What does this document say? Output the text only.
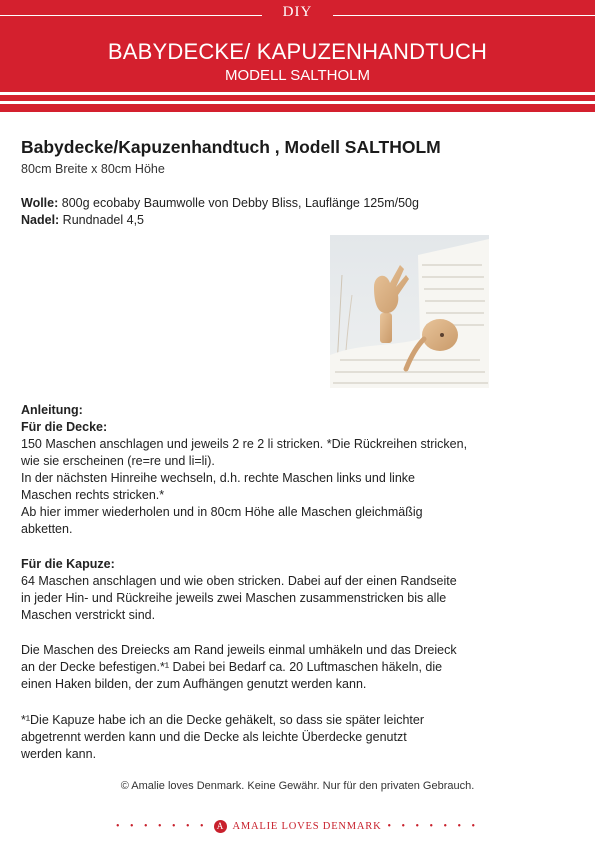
DIY
BABYDECKE/ KAPUZENHANDTUCH
MODELL SALTHOLM
Babydecke/Kapuzenhandtuch , Modell SALTHOLM
80cm Breite x 80cm Höhe
Wolle: 800g ecobaby Baumwolle von Debby Bliss, Lauflänge 125m/50g
Nadel: Rundnadel 4,5
Anleitung:
Für die Decke:
150 Maschen anschlagen und jeweils 2 re 2 li stricken. *Die Rückreihen stricken,
wie sie erscheinen (re=re und li=li).
In der nächsten Hinreihe wechseln, d.h. rechte Maschen links und linke
Maschen rechts stricken.*
Ab hier immer wiederholen und in 80cm Höhe alle Maschen gleichmäßig
abketten.
Für die Kapuze:
64 Maschen anschlagen und wie oben stricken. Dabei auf der einen Randseite
in jeder Hin- und Rückreihe jeweils zwei Maschen zusammenstricken bis alle
Maschen verstrickt sind.
Die Maschen des Dreiecks am Rand jeweils einmal umhäkeln und das Dreieck
an der Decke befestigen.*¹ Dabei bei Bedarf ca. 20 Luftmaschen häkeln, die
einen Haken bilden, der zum Aufhängen genutzt werden kann.
*¹Die Kapuze habe ich an die Decke gehäkelt, so dass sie später leichter
abgetrennt werden kann und die Decke als leichte Überdecke genutzt
werden kann.
© Amalie loves Denmark. Keine Gewähr. Nur für den privaten Gebrauch.
• • • • • • •	A AMALIE LOVES DENMARK • • • • • • •
